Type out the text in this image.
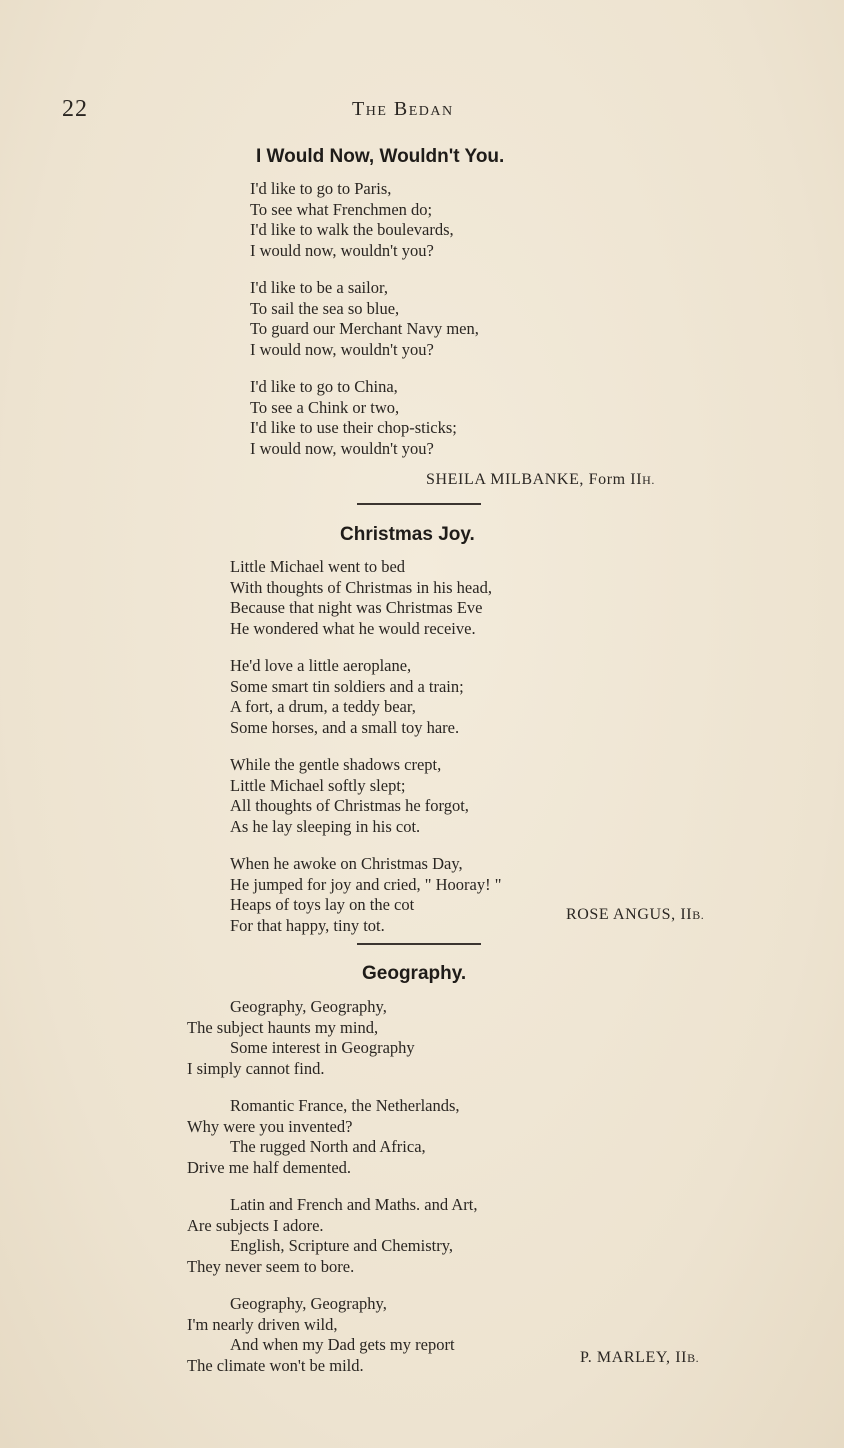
22	The Bedan
I Would Now, Wouldn't You.

I'd like to go to Paris,
To see what Frenchmen do;
I'd like to walk the boulevards,
I would now, wouldn't you?

I'd like to be a sailor,
To sail the sea so blue,
To guard our Merchant Navy men,
I would now, wouldn't you?

I'd like to go to China,
To see a Chink or two,
I'd like to use their chop-sticks;
I would now, wouldn't you?

SHEILA MILBANKE, Form IIH.
Christmas Joy.

Little Michael went to bed
With thoughts of Christmas in his head,
Because that night was Christmas Eve
He wondered what he would receive.

He'd love a little aeroplane,
Some smart tin soldiers and a train;
A fort, a drum, a teddy bear,
Some horses, and a small toy hare.

While the gentle shadows crept,
Little Michael softly slept;
All thoughts of Christmas he forgot,
As he lay sleeping in his cot.

When he awoke on Christmas Day,
He jumped for joy and cried, " Hooray! "
Heaps of toys lay on the cot
For that happy, tiny tot.

ROSE ANGUS, IIB.
Geography.

Geography, Geography,
The subject haunts my mind,
Some interest in Geography
I simply cannot find.

Romantic France, the Netherlands,
Why were you invented?
The rugged North and Africa,
Drive me half demented.

Latin and French and Maths. and Art,
Are subjects I adore.
English, Scripture and Chemistry,
They never seem to bore.

Geography, Geography,
I'm nearly driven wild,
And when my Dad gets my report
The climate won't be mild.	P. MARLEY, IIB.
